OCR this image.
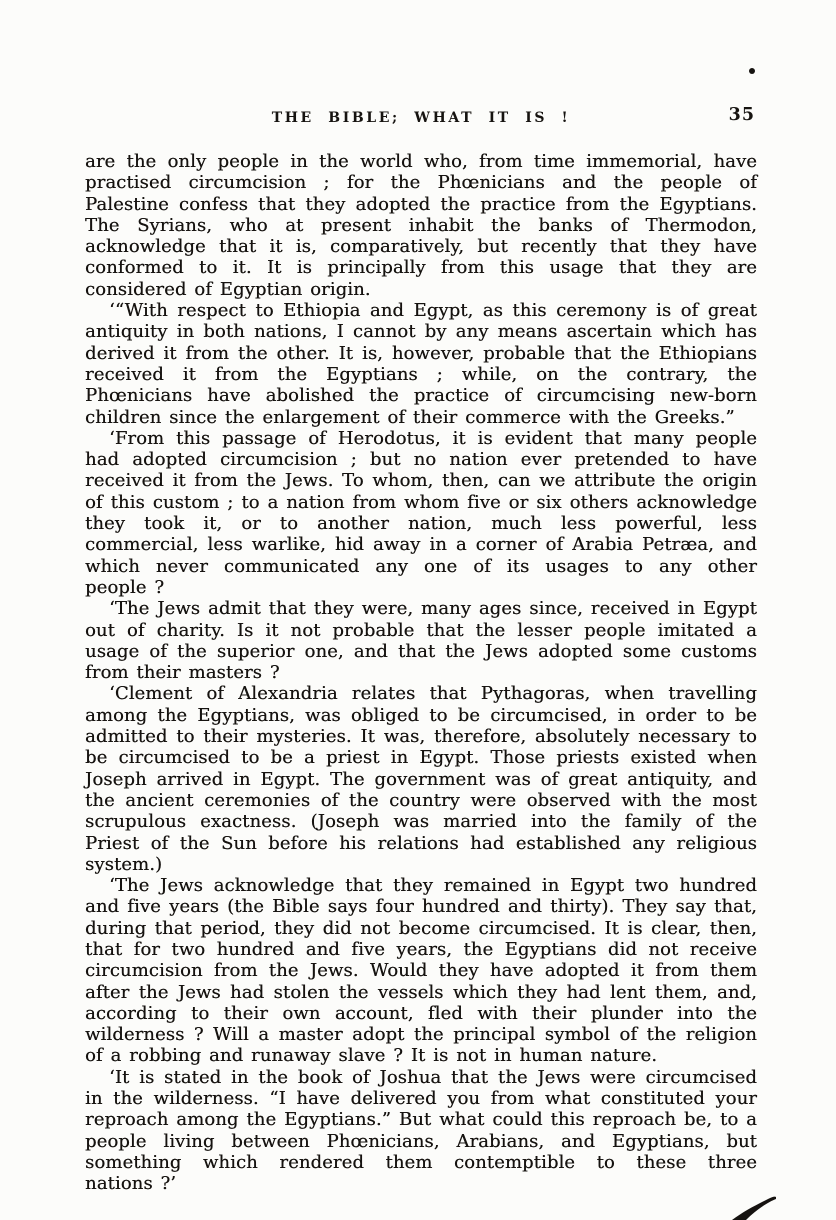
THE BIBLE; WHAT IT IS !	35

are the only people in the world who, from time immemorial, have practised circumcision ; for the Phœnicians and the people of Palestine confess that they adopted the practice from the Egyptians. The Syrians, who at present inhabit the banks of Thermodon, acknowledge that it is, comparatively, but recently that they have conformed to it. It is principally from this usage that they are considered of Egyptian origin.

‘“With respect to Ethiopia and Egypt, as this ceremony is of great antiquity in both nations, I cannot by any means ascertain which has derived it from the other. It is, however, probable that the Ethiopians received it from the Egyptians ; while, on the contrary, the Phœnicians have abolished the practice of circumcising new-born children since the enlargement of their commerce with the Greeks.”

‘From this passage of Herodotus, it is evident that many people had adopted circumcision ; but no nation ever pretended to have received it from the Jews. To whom, then, can we attribute the origin of this custom ; to a nation from whom five or six others acknowledge they took it, or to another nation, much less powerful, less commercial, less warlike, hid away in a corner of Arabia Petræa, and which never communicated any one of its usages to any other people ?

‘The Jews admit that they were, many ages since, received in Egypt out of charity. Is it not probable that the lesser people imitated a usage of the superior one, and that the Jews adopted some customs from their masters ?

‘Clement of Alexandria relates that Pythagoras, when travelling among the Egyptians, was obliged to be circumcised, in order to be admitted to their mysteries. It was, therefore, absolutely necessary to be circumcised to be a priest in Egypt. Those priests existed when Joseph arrived in Egypt. The government was of great antiquity, and the ancient ceremonies of the country were observed with the most scrupulous exactness. (Joseph was married into the family of the Priest of the Sun before his relations had established any religious system.)

‘The Jews acknowledge that they remained in Egypt two hundred and five years (the Bible says four hundred and thirty). They say that, during that period, they did not become circumcised. It is clear, then, that for two hundred and five years, the Egyptians did not receive circumcision from the Jews. Would they have adopted it from them after the Jews had stolen the vessels which they had lent them, and, according to their own account, fled with their plunder into the wilderness ? Will a master adopt the principal symbol of the religion of a robbing and runaway slave ? It is not in human nature.

‘It is stated in the book of Joshua that the Jews were circumcised in the wilderness. “I have delivered you from what constituted your reproach among the Egyptians.” But what could this reproach be, to a people living between Phœnicians, Arabians, and Egyptians, but something which rendered them contemptible to these three nations ?’
